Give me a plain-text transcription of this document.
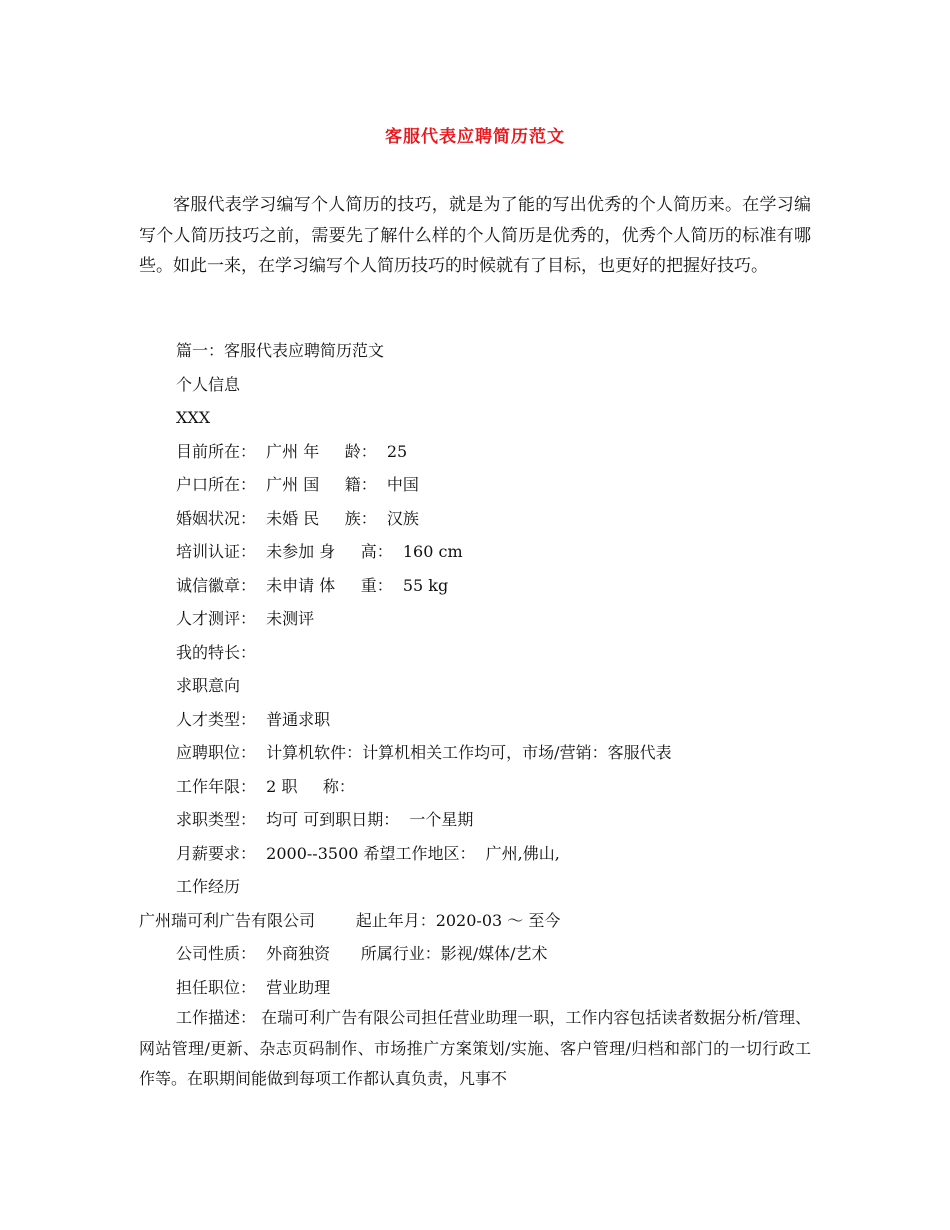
客服代表应聘简历范文

客服代表学习编写个人简历的技巧，就是为了能的写出优秀的个人简历来。在学习编写个人简历技巧之前，需要先了解什么样的个人简历是优秀的，优秀个人简历的标准有哪些。如此一来，在学习编写个人简历技巧的时候就有了目标，也更好的把握好技巧。

篇一：客服代表应聘简历范文
个人信息
XXX
目前所在：  广州 年     龄：  25
户口所在：  广州 国     籍：  中国
婚姻状况：  未婚 民     族：  汉族
培训认证：  未参加 身     高：  160 cm
诚信徽章：  未申请 体     重：  55 kg
人才测评：  未测评
我的特长：
求职意向
人才类型：  普通求职
应聘职位：  计算机软件：计算机相关工作均可，市场/营销：客服代表
工作年限：  2 职     称：
求职类型：  均可 可到职日期：  一个星期
月薪要求：  2000--3500 希望工作地区：  广州,佛山,
工作经历
广州瑞可利广告有限公司        起止年月：2020-03 ～ 至今
公司性质：  外商独资      所属行业：影视/媒体/艺术
担任职位：  营业助理

工作描述： 在瑞可利广告有限公司担任营业助理一职，工作内容包括读者数据分析/管理、网站管理/更新、杂志页码制作、市场推广方案策划/实施、客户管理/归档和部门的一切行政工作等。在职期间能做到每项工作都认真负责，凡事不
